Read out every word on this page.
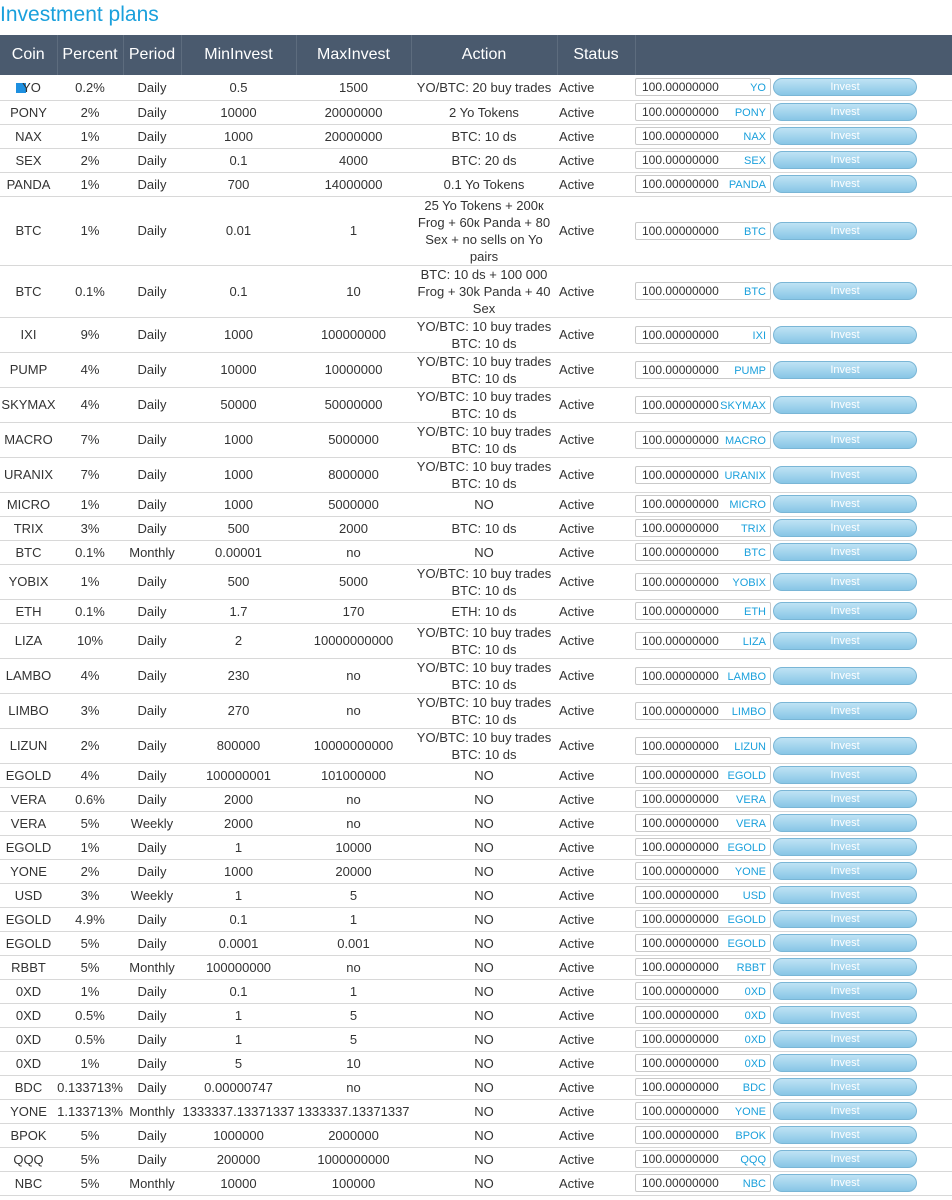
Investment plans
Coin	Percent	Period	MinInvest	MaxInvest	Action	Status	
YO	0.2%	Daily	0.5	1500	YO/BTC: 20 buy trades	Active	100.00000000 YO Invest
PONY	2%	Daily	10000	20000000	2 Yo Tokens	Active	100.00000000 PONY Invest
NAX	1%	Daily	1000	20000000	BTC: 10 ds	Active	100.00000000 NAX Invest
SEX	2%	Daily	0.1	4000	BTC: 20 ds	Active	100.00000000 SEX Invest
PANDA	1%	Daily	700	14000000	0.1 Yo Tokens	Active	100.00000000 PANDA Invest
BTC	1%	Daily	0.01	1	25 Yo Tokens + 200к Frog + 60к Panda + 80 Sex + no sells on Yo pairs	Active	100.00000000 BTC Invest
BTC	0.1%	Daily	0.1	10	BTC: 10 ds + 100 000 Frog + 30k Panda + 40 Sex	Active	100.00000000 BTC Invest
IXI	9%	Daily	1000	100000000	YO/BTC: 10 buy trades BTC: 10 ds	Active	100.00000000 IXI Invest
PUMP	4%	Daily	10000	10000000	YO/BTC: 10 buy trades BTC: 10 ds	Active	100.00000000 PUMP Invest
SKYMAX	4%	Daily	50000	50000000	YO/BTC: 10 buy trades BTC: 10 ds	Active	100.00000000 SKYMAX Invest
MACRO	7%	Daily	1000	5000000	YO/BTC: 10 buy trades BTC: 10 ds	Active	100.00000000 MACRO Invest
URANIX	7%	Daily	1000	8000000	YO/BTC: 10 buy trades BTC: 10 ds	Active	100.00000000 URANIX Invest
MICRO	1%	Daily	1000	5000000	NO	Active	100.00000000 MICRO Invest
TRIX	3%	Daily	500	2000	BTC: 10 ds	Active	100.00000000 TRIX Invest
BTC	0.1%	Monthly	0.00001	no	NO	Active	100.00000000 BTC Invest
YOBIX	1%	Daily	500	5000	YO/BTC: 10 buy trades BTC: 10 ds	Active	100.00000000 YOBIX Invest
ETH	0.1%	Daily	1.7	170	ETH: 10 ds	Active	100.00000000 ETH Invest
LIZA	10%	Daily	2	10000000000	YO/BTC: 10 buy trades BTC: 10 ds	Active	100.00000000 LIZA Invest
LAMBO	4%	Daily	230	no	YO/BTC: 10 buy trades BTC: 10 ds	Active	100.00000000 LAMBO Invest
LIMBO	3%	Daily	270	no	YO/BTC: 10 buy trades BTC: 10 ds	Active	100.00000000 LIMBO Invest
LIZUN	2%	Daily	800000	10000000000	YO/BTC: 10 buy trades BTC: 10 ds	Active	100.00000000 LIZUN Invest
EGOLD	4%	Daily	100000001	101000000	NO	Active	100.00000000 EGOLD Invest
VERA	0.6%	Daily	2000	no	NO	Active	100.00000000 VERA Invest
VERA	5%	Weekly	2000	no	NO	Active	100.00000000 VERA Invest
EGOLD	1%	Daily	1	10000	NO	Active	100.00000000 EGOLD Invest
YONE	2%	Daily	1000	20000	NO	Active	100.00000000 YONE Invest
USD	3%	Weekly	1	5	NO	Active	100.00000000 USD Invest
EGOLD	4.9%	Daily	0.1	1	NO	Active	100.00000000 EGOLD Invest
EGOLD	5%	Daily	0.0001	0.001	NO	Active	100.00000000 EGOLD Invest
RBBT	5%	Monthly	100000000	no	NO	Active	100.00000000 RBBT Invest
0XD	1%	Daily	0.1	1	NO	Active	100.00000000 0XD Invest
0XD	0.5%	Daily	1	5	NO	Active	100.00000000 0XD Invest
0XD	0.5%	Daily	1	5	NO	Active	100.00000000 0XD Invest
0XD	1%	Daily	5	10	NO	Active	100.00000000 0XD Invest
BDC	0.133713%	Daily	0.00000747	no	NO	Active	100.00000000 BDC Invest
YONE	1.133713%	Monthly	1333337.13371337	1333337.13371337	NO	Active	100.00000000 YONE Invest
BPOK	5%	Daily	1000000	2000000	NO	Active	100.00000000 BPOK Invest
QQQ	5%	Daily	200000	1000000000	NO	Active	100.00000000 QQQ Invest
NBC	5%	Monthly	10000	100000	NO	Active	100.00000000 NBC Invest
